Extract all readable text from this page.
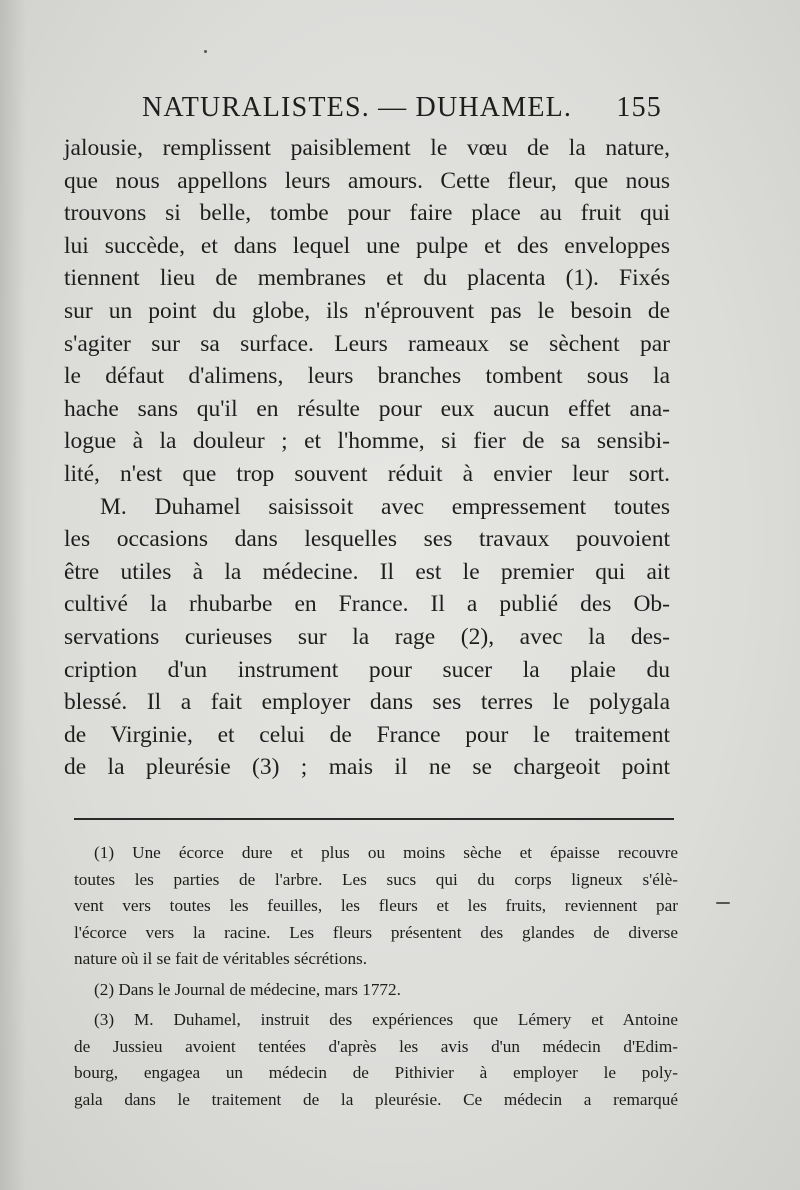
NATURALISTES. — DUHAMEL. 155
jalousie, remplissent paisiblement le vœu de la nature,
que nous appellons leurs amours. Cette fleur, que nous
trouvons si belle, tombe pour faire place au fruit qui
lui succède, et dans lequel une pulpe et des enveloppes
tiennent lieu de membranes et du placenta (1). Fixés
sur un point du globe, ils n'éprouvent pas le besoin de
s'agiter sur sa surface. Leurs rameaux se sèchent par
le défaut d'alimens, leurs branches tombent sous la
hache sans qu'il en résulte pour eux aucun effet ana-
logue à la douleur ; et l'homme, si fier de sa sensibi-
lité, n'est que trop souvent réduit à envier leur sort.
M. Duhamel saisissoit avec empressement toutes
les occasions dans lesquelles ses travaux pouvoient
être utiles à la médecine. Il est le premier qui ait
cultivé la rhubarbe en France. Il a publié des Ob-
servations curieuses sur la rage (2), avec la des-
cription d'un instrument pour sucer la plaie du
blessé. Il a fait employer dans ses terres le polygala
de Virginie, et celui de France pour le traitement
de la pleurésie (3) ; mais il ne se chargeoit point
(1) Une écorce dure et plus ou moins sèche et épaisse recouvre
toutes les parties de l'arbre. Les sucs qui du corps ligneux s'élè-
vent vers toutes les feuilles, les fleurs et les fruits, reviennent par
l'écorce vers la racine. Les fleurs présentent des glandes de diverse
nature où il se fait de véritables sécrétions.
(2) Dans le Journal de médecine, mars 1772.
(3) M. Duhamel, instruit des expériences que Lémery et Antoine
de Jussieu avoient tentées d'après les avis d'un médecin d'Edim-
bourg, engagea un médecin de Pithivier à employer le poly-
gala dans le traitement de la pleurésie. Ce médecin a remarqué
